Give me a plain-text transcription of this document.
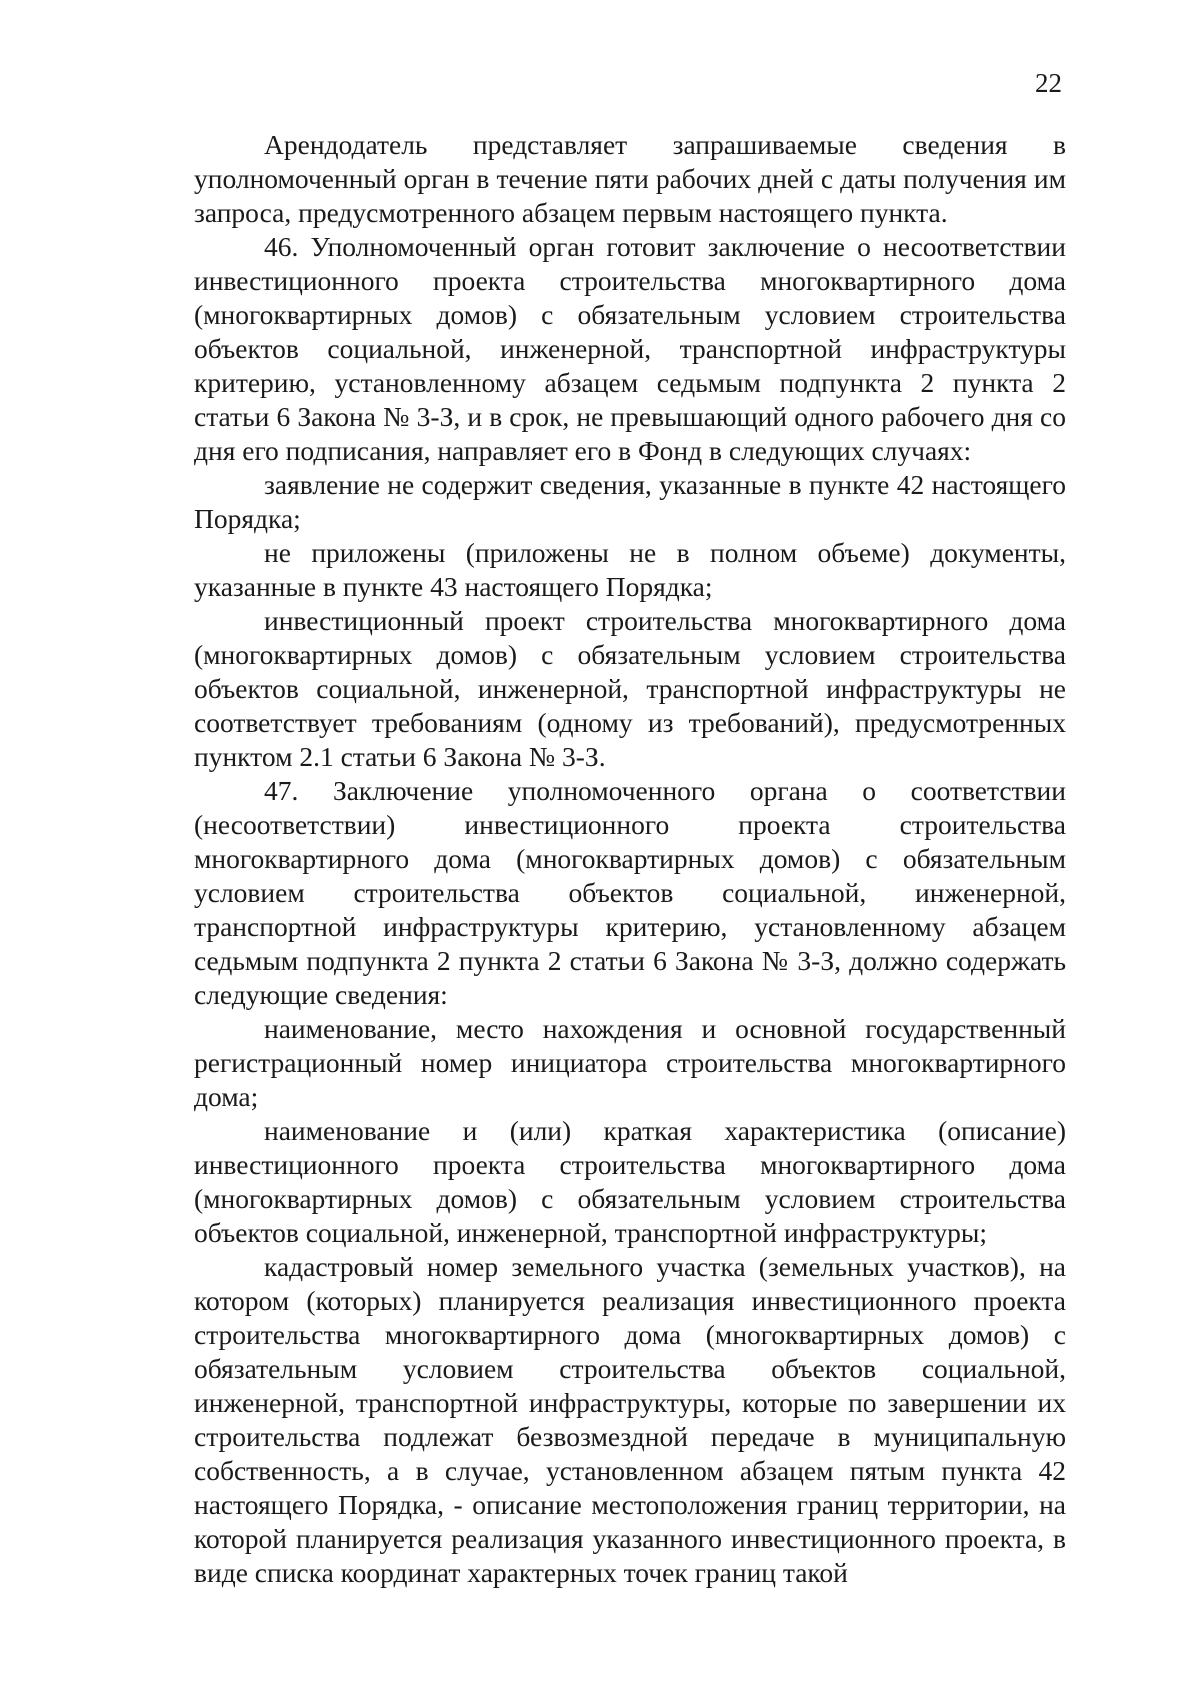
22

Арендодатель представляет запрашиваемые сведения в уполномоченный орган в течение пяти рабочих дней с даты получения им запроса, предусмотренного абзацем первым настоящего пункта.

46. Уполномоченный орган готовит заключение о несоответствии инвестиционного проекта строительства многоквартирного дома (многоквартирных домов) с обязательным условием строительства объектов социальной, инженерной, транспортной инфраструктуры критерию, установленному абзацем седьмым подпункта 2 пункта 2 статьи 6 Закона № 3-З, и в срок, не превышающий одного рабочего дня со дня его подписания, направляет его в Фонд в следующих случаях:

заявление не содержит сведения, указанные в пункте 42 настоящего Порядка;

не приложены (приложены не в полном объеме) документы, указанные в пункте 43 настоящего Порядка;

инвестиционный проект строительства многоквартирного дома (многоквартирных домов) с обязательным условием строительства объектов социальной, инженерной, транспортной инфраструктуры не соответствует требованиям (одному из требований), предусмотренных пунктом 2.1 статьи 6 Закона № 3-З.

47. Заключение уполномоченного органа о соответствии (несоответствии) инвестиционного проекта строительства многоквартирного дома (многоквартирных домов) с обязательным условием строительства объектов социальной, инженерной, транспортной инфраструктуры критерию, установленному абзацем седьмым подпункта 2 пункта 2 статьи 6 Закона № 3-З, должно содержать следующие сведения:

наименование, место нахождения и основной государственный регистрационный номер инициатора строительства многоквартирного дома;

наименование и (или) краткая характеристика (описание) инвестиционного проекта строительства многоквартирного дома (многоквартирных домов) с обязательным условием строительства объектов социальной, инженерной, транспортной инфраструктуры;

кадастровый номер земельного участка (земельных участков), на котором (которых) планируется реализация инвестиционного проекта строительства многоквартирного дома (многоквартирных домов) с обязательным условием строительства объектов социальной, инженерной, транспортной инфраструктуры, которые по завершении их строительства подлежат безвозмездной передаче в муниципальную собственность, а в случае, установленном абзацем пятым пункта 42 настоящего Порядка, - описание местоположения границ территории, на которой планируется реализация указанного инвестиционного проекта, в виде списка координат характерных точек границ такой
